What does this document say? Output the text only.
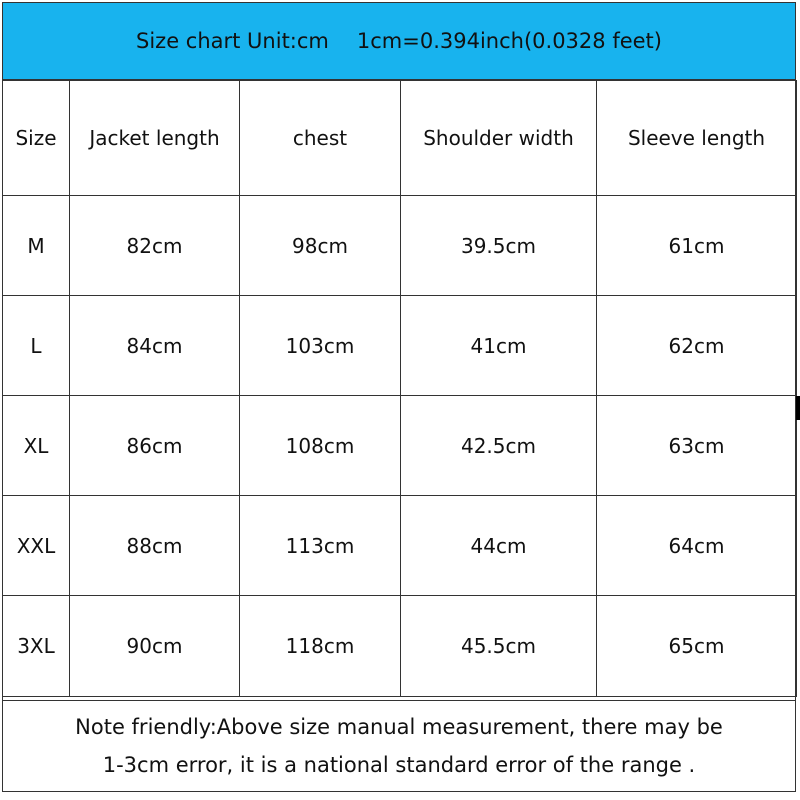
Size chart Unit:cm 1cm=0.394inch(0.0328 feet)
Size	Jacket length	chest	Shoulder width	Sleeve length
M	82cm	98cm	39.5cm	61cm
L	84cm	103cm	41cm	62cm
XL	86cm	108cm	42.5cm	63cm
XXL	88cm	113cm	44cm	64cm
3XL	90cm	118cm	45.5cm	65cm
Note friendly:Above size manual measurement, there may be
1-3cm error, it is a national standard error of the range .
